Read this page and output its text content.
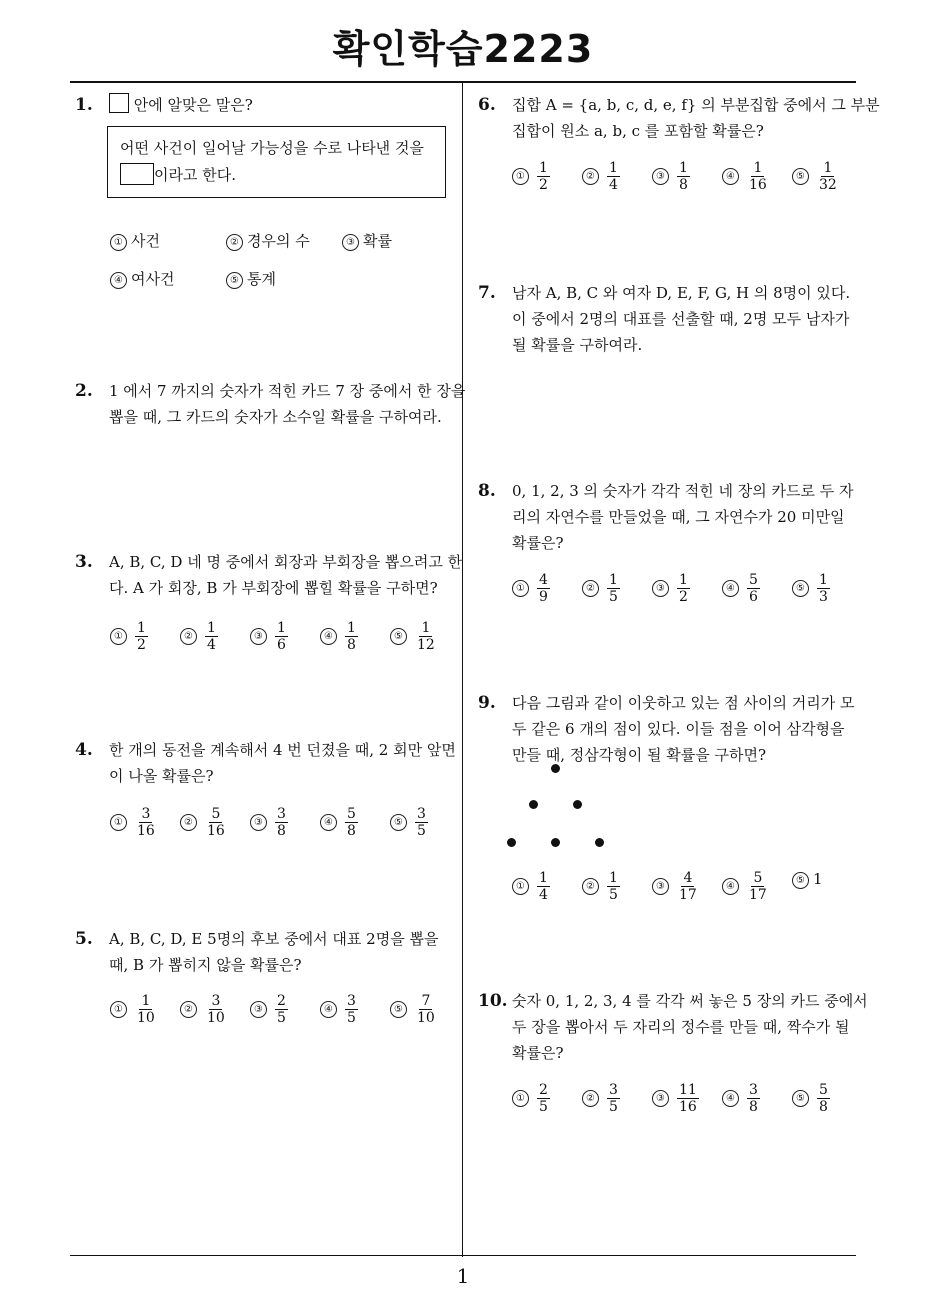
확인학습2223
1
1.	안에 알맞은 말은?
어떤 사건이 일어날 가능성을 수로 나타낸 것을
이라고 한다.
① 사건	② 경우의 수	③ 확률
④ 여사건	⑤ 통계
2. 1 에서 7 까지의 숫자가 적힌 카드 7 장 중에서 한 장을
뽑을 때, 그 카드의 숫자가 소수일 확률을 구하여라.
3. A, B, C, D 네 명 중에서 회장과 부회장을 뽑으려고 한
다. A 가 회장, B 가 부회장에 뽑힐 확률을 구하면?
① $\frac{1}{2}$	② $\frac{1}{4}$	③ $\frac{1}{6}$	④ $\frac{1}{8}$	⑤ $\frac{1}{12}$
4. 한 개의 동전을 계속해서 4 번 던졌을 때, 2 회만 앞면
이 나올 확률은?
① $\frac{3}{16}$	② $\frac{5}{16}$	③ $\frac{3}{8}$	④ $\frac{5}{8}$	⑤ $\frac{3}{5}$
5. A, B, C, D, E 5명의 후보 중에서 대표 2명을 뽑을
때, B 가 뽑히지 않을 확률은?
① $\frac{1}{10}$	② $\frac{3}{10}$	③ $\frac{2}{5}$	④ $\frac{3}{5}$	⑤ $\frac{7}{10}$
6. 집합 A = {a, b, c, d, e, f} 의 부분집합 중에서 그 부분
집합이 원소 a, b, c 를 포함할 확률은?
① $\frac{1}{2}$	② $\frac{1}{4}$	③ $\frac{1}{8}$	④ $\frac{1}{16}$	⑤ $\frac{1}{32}$
7. 남자 A, B, C 와 여자 D, E, F, G, H 의 8명이 있다.
이 중에서 2명의 대표를 선출할 때, 2명 모두 남자가
될 확률을 구하여라.
8. 0, 1, 2, 3 의 숫자가 각각 적힌 네 장의 카드로 두 자
리의 자연수를 만들었을 때, 그 자연수가 20 미만일
확률은?
① $\frac{4}{9}$	② $\frac{1}{5}$	③ $\frac{1}{2}$	④ $\frac{5}{6}$	⑤ $\frac{1}{3}$
9. 다음 그림과 같이 이웃하고 있는 점 사이의 거리가 모
두 같은 6 개의 점이 있다. 이들 점을 이어 삼각형을
만들 때, 정삼각형이 될 확률을 구하면?
① $\frac{1}{4}$	② $\frac{1}{5}$	③ $\frac{4}{17}$	④ $\frac{5}{17}$	⑤ 1
10. 숫자 0, 1, 2, 3, 4 를 각각 써 놓은 5 장의 카드 중에서
두 장을 뽑아서 두 자리의 정수를 만들 때, 짝수가 될
확률은?
① $\frac{2}{5}$	② $\frac{3}{5}$	③ $\frac{11}{16}$	④ $\frac{3}{8}$	⑤ $\frac{5}{8}$
